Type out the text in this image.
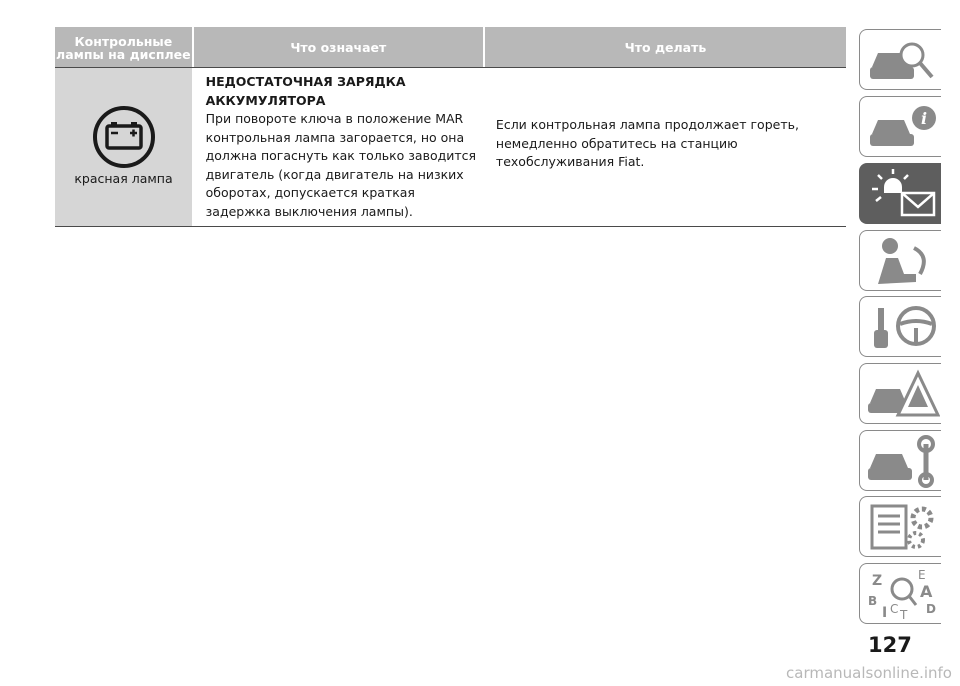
Контрольные лампы на дисплее	Что означает	Что делать
красная лампа
НЕДОСТАТОЧНАЯ ЗАРЯДКА АККУМУЛЯТОРА
При повороте ключа в положение MAR контрольная лампа загорается, но она должна погаснуть как только заводится двигатель (когда двигатель на низких оборотах, допускается краткая задержка выключения лампы).
Если контрольная лампа продолжает гореть, немедленно обратитесь на станцию техобслуживания Fiat.
i
Z
B
E
A
D
I C T
127
carmanualsonline.info
